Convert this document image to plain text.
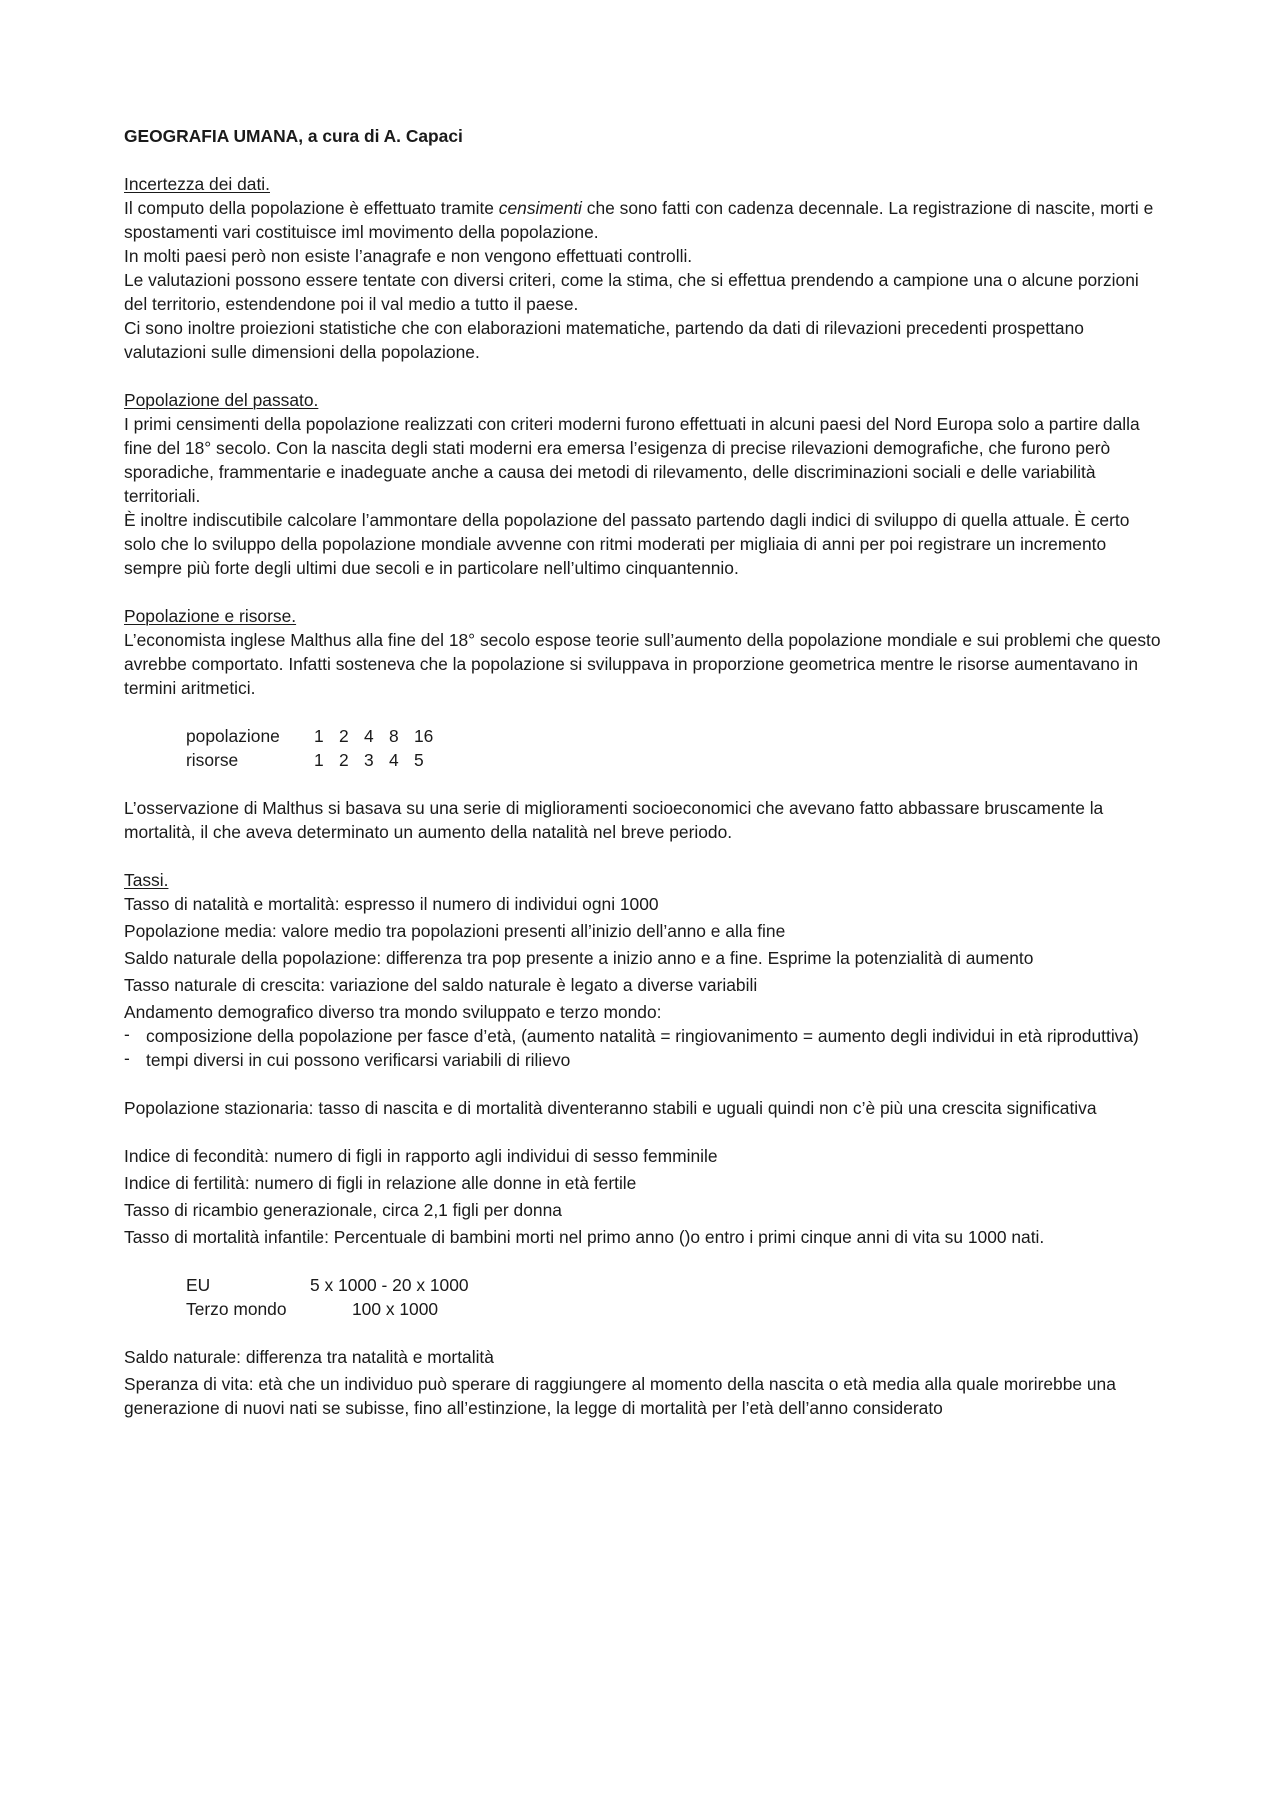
GEOGRAFIA UMANA, a cura di A. Capaci

Incertezza dei dati.

Il computo della popolazione è effettuato tramite censimenti che sono fatti con cadenza decennale. La registrazione di nascite, morti e spostamenti vari costituisce iml movimento della popolazione.

In molti paesi però non esiste l’anagrafe e non vengono effettuati controlli.

Le valutazioni possono essere tentate con diversi criteri, come la stima, che si effettua prendendo a campione una o alcune porzioni del territorio, estendendone poi il val medio a tutto il paese.

Ci sono inoltre proiezioni statistiche che con elaborazioni matematiche, partendo da dati di rilevazioni precedenti prospettano valutazioni sulle dimensioni della popolazione.

Popolazione del passato.

I primi censimenti della popolazione realizzati con criteri moderni furono effettuati in alcuni paesi del Nord Europa solo a partire dalla fine del 18° secolo. Con la nascita degli stati moderni era emersa l’esigenza di precise rilevazioni demografiche, che furono però sporadiche, frammentarie e inadeguate anche a causa dei metodi di rilevamento, delle discriminazioni sociali e delle variabilità territoriali.

È inoltre indiscutibile calcolare l’ammontare della popolazione del passato partendo dagli indici di sviluppo di quella attuale. È certo solo che lo sviluppo della popolazione mondiale avvenne con ritmi moderati per migliaia di anni per poi registrare un incremento sempre più forte degli ultimi due secoli e in particolare nell’ultimo cinquantennio.

Popolazione e risorse.

L’economista inglese Malthus alla fine del 18° secolo espose teorie sull’aumento della popolazione mondiale e sui problemi che questo avrebbe comportato. Infatti sosteneva che la popolazione si sviluppava in proporzione geometrica mentre le risorse aumentavano in termini aritmetici.

popolazione	1	2	4	8	16
risorse	1	2	3	4	5

L’osservazione di Malthus si basava su una serie di miglioramenti socioeconomici che avevano fatto abbassare bruscamente la mortalità, il che aveva determinato un aumento della natalità nel breve periodo.

Tassi.

Tasso di natalità e mortalità: espresso il numero di individui ogni 1000

Popolazione media: valore medio tra popolazioni presenti all’inizio dell’anno e alla fine

Saldo naturale della popolazione: differenza tra pop presente a inizio anno e a fine. Esprime la potenzialità di aumento

Tasso naturale di crescita: variazione del saldo naturale è legato a diverse variabili

Andamento demografico diverso tra mondo sviluppato e terzo mondo:

- composizione della popolazione per fasce d’età, (aumento natalità = ringiovanimento = aumento degli individui in età riproduttiva)
- tempi diversi in cui possono verificarsi variabili di rilievo

Popolazione stazionaria: tasso di nascita e di mortalità diventeranno stabili e uguali quindi non c’è più una crescita significativa

Indice di fecondità: numero di figli in rapporto agli individui di sesso femminile

Indice di fertilità: numero di figli in relazione alle donne in età fertile

Tasso di ricambio generazionale, circa 2,1 figli per donna

Tasso di mortalità infantile: Percentuale di bambini morti nel primo anno ()o entro i primi cinque anni di vita su 1000 nati.

EU	5 x 1000 - 20 x 1000
Terzo mondo	100 x 1000

Saldo naturale: differenza tra natalità e mortalità

Speranza di vita: età che un individuo può sperare di raggiungere al momento della nascita o età media alla quale morirebbe una generazione di nuovi nati se subisse, fino all’estinzione, la legge di mortalità per l’età dell’anno considerato
